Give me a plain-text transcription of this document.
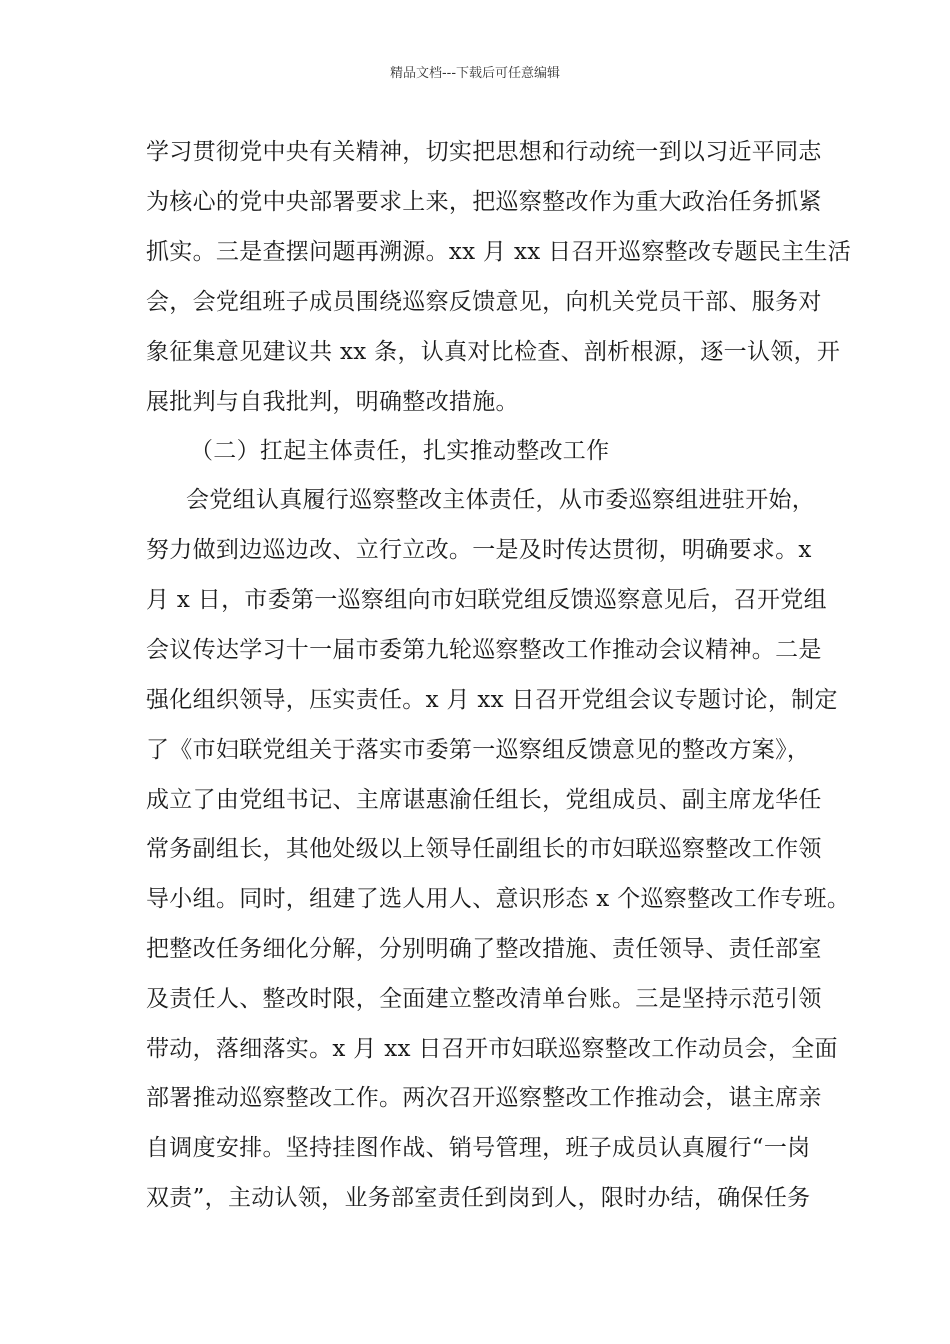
精品文档---下载后可任意编辑
学习贯彻党中央有关精神，切实把思想和行动统一到以习近平同志
为核心的党中央部署要求上来，把巡察整改作为重大政治任务抓紧
抓实。三是查摆问题再溯源。xx 月 xx 日召开巡察整改专题民主生活
会，会党组班子成员围绕巡察反馈意见，向机关党员干部、服务对
象征集意见建议共 xx 条，认真对比检查、剖析根源，逐一认领，开
展批判与自我批判，明确整改措施。
（二）扛起主体责任，扎实推动整改工作
会党组认真履行巡察整改主体责任，从市委巡察组进驻开始，
努力做到边巡边改、立行立改。一是及时传达贯彻，明确要求。x
月 x 日，市委第一巡察组向市妇联党组反馈巡察意见后，召开党组
会议传达学习十一届市委第九轮巡察整改工作推动会议精神。二是
强化组织领导，压实责任。x 月 xx 日召开党组会议专题讨论，制定
了《市妇联党组关于落实市委第一巡察组反馈意见的整改方案》，
成立了由党组书记、主席谌惠渝任组长，党组成员、副主席龙华任
常务副组长，其他处级以上领导任副组长的市妇联巡察整改工作领
导小组。同时，组建了选人用人、意识形态 x 个巡察整改工作专班。
把整改任务细化分解，分别明确了整改措施、责任领导、责任部室
及责任人、整改时限，全面建立整改清单台账。三是坚持示范引领
带动，落细落实。x 月 xx 日召开市妇联巡察整改工作动员会，全面
部署推动巡察整改工作。两次召开巡察整改工作推动会，谌主席亲
自调度安排。坚持挂图作战、销号管理，班子成员认真履行“一岗
双责”，主动认领，业务部室责任到岗到人，限时办结，确保任务
